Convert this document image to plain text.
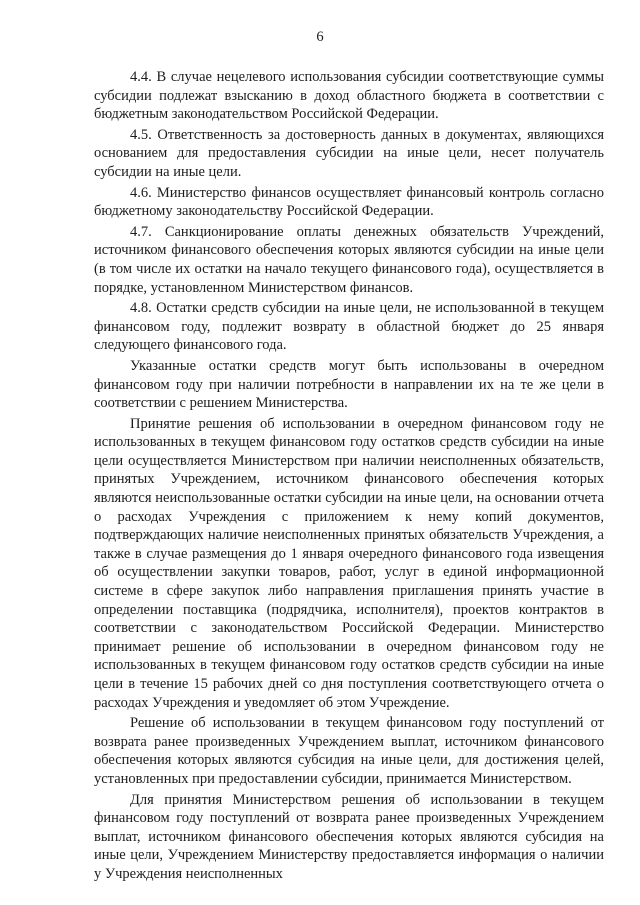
6

4.4. В случае нецелевого использования субсидии соответствующие суммы субсидии подлежат взысканию в доход областного бюджета в соответствии с бюджетным законодательством Российской Федерации.

4.5. Ответственность за достоверность данных в документах, являющихся основанием для предоставления субсидии на иные цели, несет получатель субсидии на иные цели.

4.6. Министерство финансов осуществляет финансовый контроль согласно бюджетному законодательству Российской Федерации.

4.7. Санкционирование оплаты денежных обязательств Учреждений, источником финансового обеспечения которых являются субсидии на иные цели (в том числе их остатки на начало текущего финансового года), осуществляется в порядке, установленном Министерством финансов.

4.8. Остатки средств субсидии на иные цели, не использованной в текущем финансовом году, подлежит возврату в областной бюджет до 25 января следующего финансового года.

Указанные остатки средств могут быть использованы в очередном финансовом году при наличии потребности в направлении их на те же цели в соответствии с решением Министерства.

Принятие решения об использовании в очередном финансовом году не использованных в текущем финансовом году остатков средств субсидии на иные цели осуществляется Министерством при наличии неисполненных обязательств, принятых Учреждением, источником финансового обеспечения которых являются неиспользованные остатки субсидии на иные цели, на основании отчета о расходах Учреждения с приложением к нему копий документов, подтверждающих наличие неисполненных принятых обязательств Учреждения, а также в случае размещения до 1 января очередного финансового года извещения об осуществлении закупки товаров, работ, услуг в единой информационной системе в сфере закупок либо направления приглашения принять участие в определении поставщика (подрядчика, исполнителя), проектов контрактов в соответствии с законодательством Российской Федерации. Министерство принимает решение об использовании в очередном финансовом году не использованных в текущем финансовом году остатков средств субсидии на иные цели в течение 15 рабочих дней со дня поступления соответствующего отчета о расходах Учреждения и уведомляет об этом Учреждение.

Решение об использовании в текущем финансовом году поступлений от возврата ранее произведенных Учреждением выплат, источником финансового обеспечения которых являются субсидия на иные цели, для достижения целей, установленных при предоставлении субсидии, принимается Министерством.

Для принятия Министерством решения об использовании в текущем финансовом году поступлений от возврата ранее произведенных Учреждением выплат, источником финансового обеспечения которых являются субсидия на иные цели, Учреждением Министерству предоставляется информация о наличии у Учреждения неисполненных
